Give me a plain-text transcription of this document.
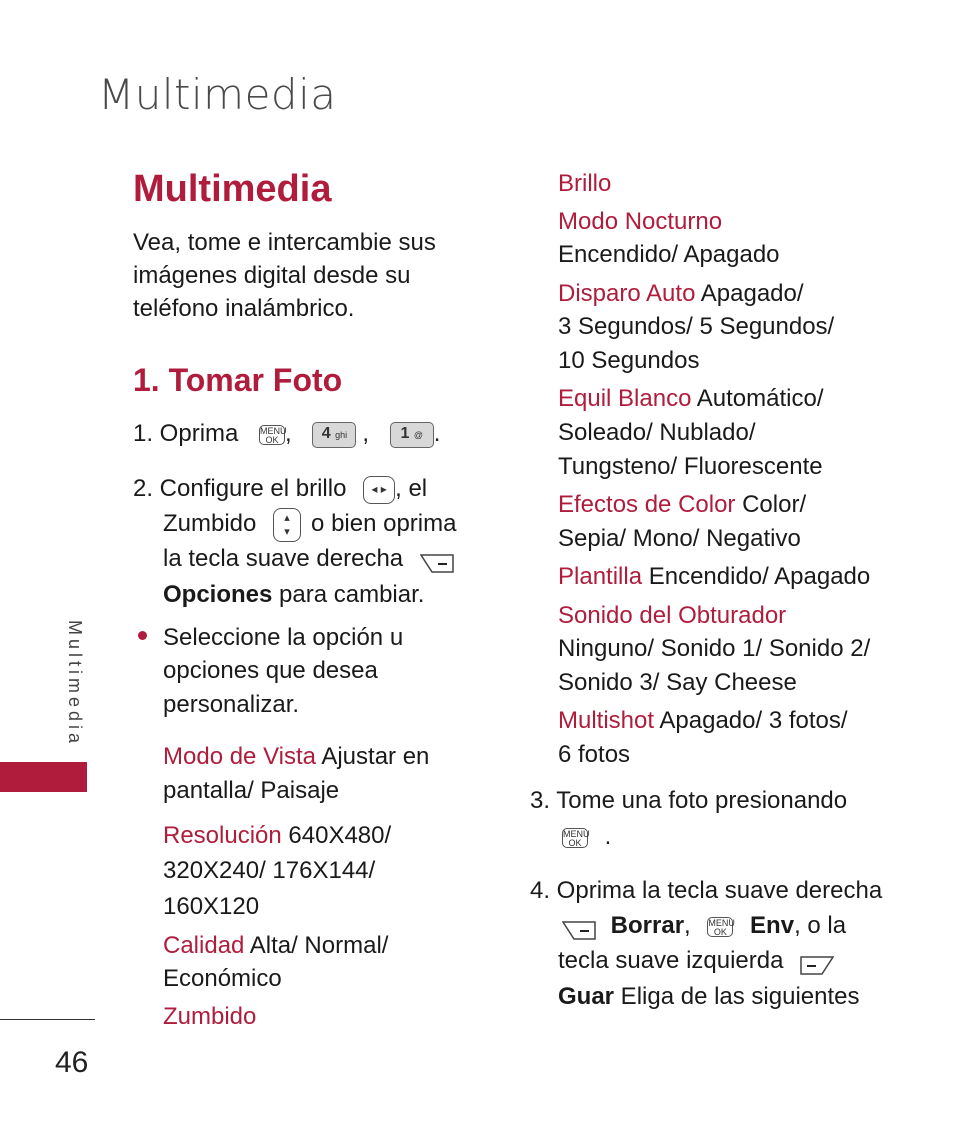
Multimedia
Multimedia
Vea, tome e intercambie sus
imágenes digital desde su
teléfono inalámbrico.
1. Tomar Foto
1. Oprima MENU
OK , 4 ghi , 1 @ .
2. Configure el brillo ◂ ▸ , el
Zumbido	▴
▾ o bien oprima
la tecla suave derecha
Opciones para cambiar.
Seleccione la opción u
opciones que desea
personalizar.
Modo de Vista Ajustar en
pantalla/ Paisaje
Resolución 640X480/
320X240/ 176X144/
160X120
Calidad Alta/ Normal/
Económico
Zumbido
Brillo
Modo Nocturno
Encendido/ Apagado
Disparo Auto Apagado/
3 Segundos/ 5 Segundos/
10 Segundos
Equil Blanco Automático/
Soleado/ Nublado/
Tungsteno/ Fluorescente
Efectos de Color Color/
Sepia/ Mono/ Negativo
Plantilla Encendido/ Apagado
Sonido del Obturador
Ninguno/ Sonido 1/ Sonido 2/
Sonido 3/ Say Cheese
Multishot Apagado/ 3 fotos/
6 fotos
3. Tome una foto presionando
MENU
OK .
4. Oprima la tecla suave derecha
Borrar, MENU
OK Env, o la
tecla suave izquierda
Guar Eliga de las siguientes
Multimedia
46
